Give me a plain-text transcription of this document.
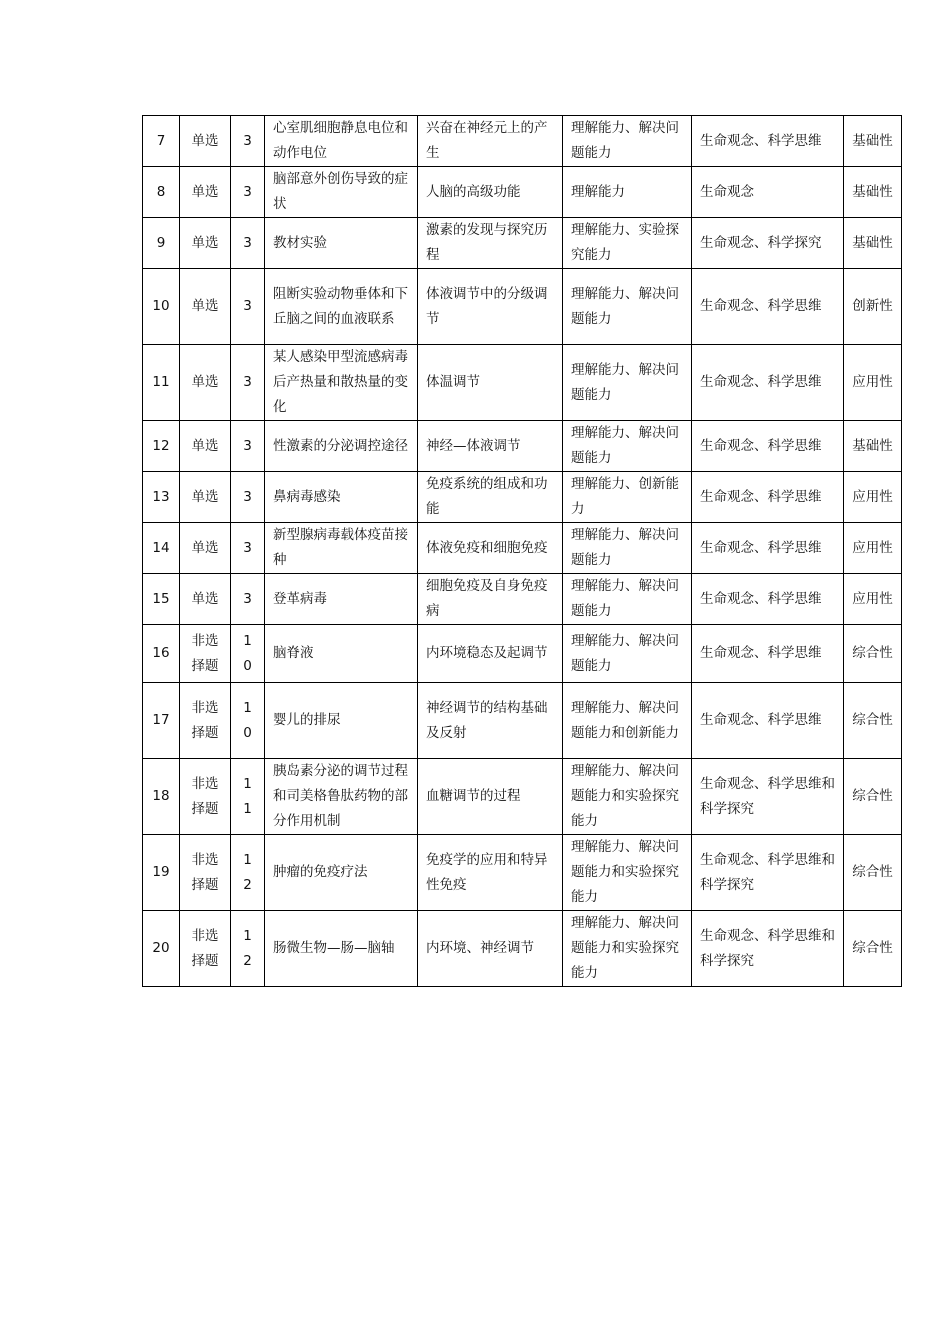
7	单选	3	心室肌细胞静息电位和动作电位	兴奋在神经元上的产生	理解能力、解决问题能力	生命观念、科学思维	基础性
8	单选	3	脑部意外创伤导致的症状	人脑的高级功能	理解能力	生命观念	基础性
9	单选	3	教材实验	激素的发现与探究历程	理解能力、实验探究能力	生命观念、科学探究	基础性
10	单选	3	阻断实验动物垂体和下丘脑之间的血液联系	体液调节中的分级调节	理解能力、解决问题能力	生命观念、科学思维	创新性
11	单选	3	某人感染甲型流感病毒后产热量和散热量的变化	体温调节	理解能力、解决问题能力	生命观念、科学思维	应用性
12	单选	3	性激素的分泌调控途径	神经—体液调节	理解能力、解决问题能力	生命观念、科学思维	基础性
13	单选	3	鼻病毒感染	免疫系统的组成和功能	理解能力、创新能力	生命观念、科学思维	应用性
14	单选	3	新型腺病毒载体疫苗接种	体液免疫和细胞免疫	理解能力、解决问题能力	生命观念、科学思维	应用性
15	单选	3	登革病毒	细胞免疫及自身免疫病	理解能力、解决问题能力	生命观念、科学思维	应用性
16	非选择题	10	脑脊液	内环境稳态及起调节	理解能力、解决问题能力	生命观念、科学思维	综合性
17	非选择题	10	婴儿的排尿	神经调节的结构基础及反射	理解能力、解决问题能力和创新能力	生命观念、科学思维	综合性
18	非选择题	11	胰岛素分泌的调节过程和司美格鲁肽药物的部分作用机制	血糖调节的过程	理解能力、解决问题能力和实验探究能力	生命观念、科学思维和科学探究	综合性
19	非选择题	12	肿瘤的免疫疗法	免疫学的应用和特异性免疫	理解能力、解决问题能力和实验探究能力	生命观念、科学思维和科学探究	综合性
20	非选择题	12	肠微生物—肠—脑轴	内环境、神经调节	理解能力、解决问题能力和实验探究能力	生命观念、科学思维和科学探究	综合性
